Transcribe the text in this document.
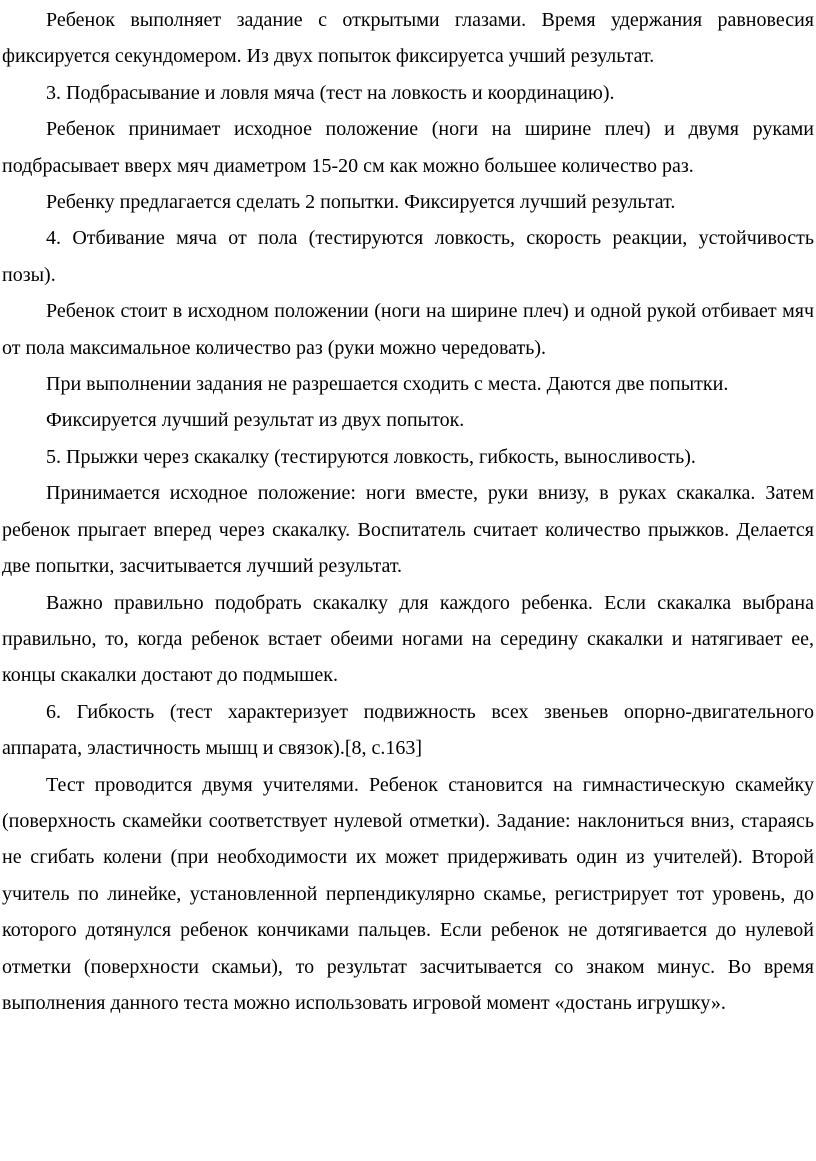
Ребенок выполняет задание с открытыми глазами. Время удержания равновесия фиксируется секундомером. Из двух попыток фиксируетса учший результат.

3. Подбрасывание и ловля мяча (тест на ловкость и координацию).

Ребенок принимает исходное положение (ноги на ширине плеч) и двумя руками подбрасывает вверх мяч диаметром 15-20 см как можно большее количество раз.

Ребенку предлагается сделать 2 попытки. Фиксируется лучший результат.

4. Отбивание мяча от пола (тестируются ловкость, скорость реакции, устойчивость позы).

Ребенок стоит в исходном положении (ноги на ширине плеч) и одной рукой отбивает мяч от пола максимальное количество раз (руки можно чередовать).

При выполнении задания не разрешается сходить с места. Даются две попытки.

Фиксируется лучший результат из двух попыток.

5. Прыжки через скакалку (тестируются ловкость, гибкость, выносливость).

Принимается исходное положение: ноги вместе, руки внизу, в руках скакалка. Затем ребенок прыгает вперед через скакалку. Воспитатель считает количество прыжков. Делается две попытки, засчитывается лучший результат.

Важно правильно подобрать скакалку для каждого ребенка. Если скакалка выбрана правильно, то, когда ребенок встает обеими ногами на середину скакалки и натягивает ее, концы скакалки достают до подмышек.

6. Гибкость (тест характеризует подвижность всех звеньев опорно-двигательного аппарата, эластичность мышц и связок).[8, с.163]

Тест проводится двумя учителями. Ребенок становится на гимнастическую скамейку (поверхность скамейки соответствует нулевой отметки). Задание: наклониться вниз, стараясь не сгибать колени (при необходимости их может придерживать один из учителей). Второй учитель по линейке, установленной перпендикулярно скамье, регистрирует тот уровень, до которого дотянулся ребенок кончиками пальцев. Если ребенок не дотягивается до нулевой отметки (поверхности скамьи), то результат засчитывается со знаком минус. Во время выполнения данного теста можно использовать игровой момент «достань игрушку».
